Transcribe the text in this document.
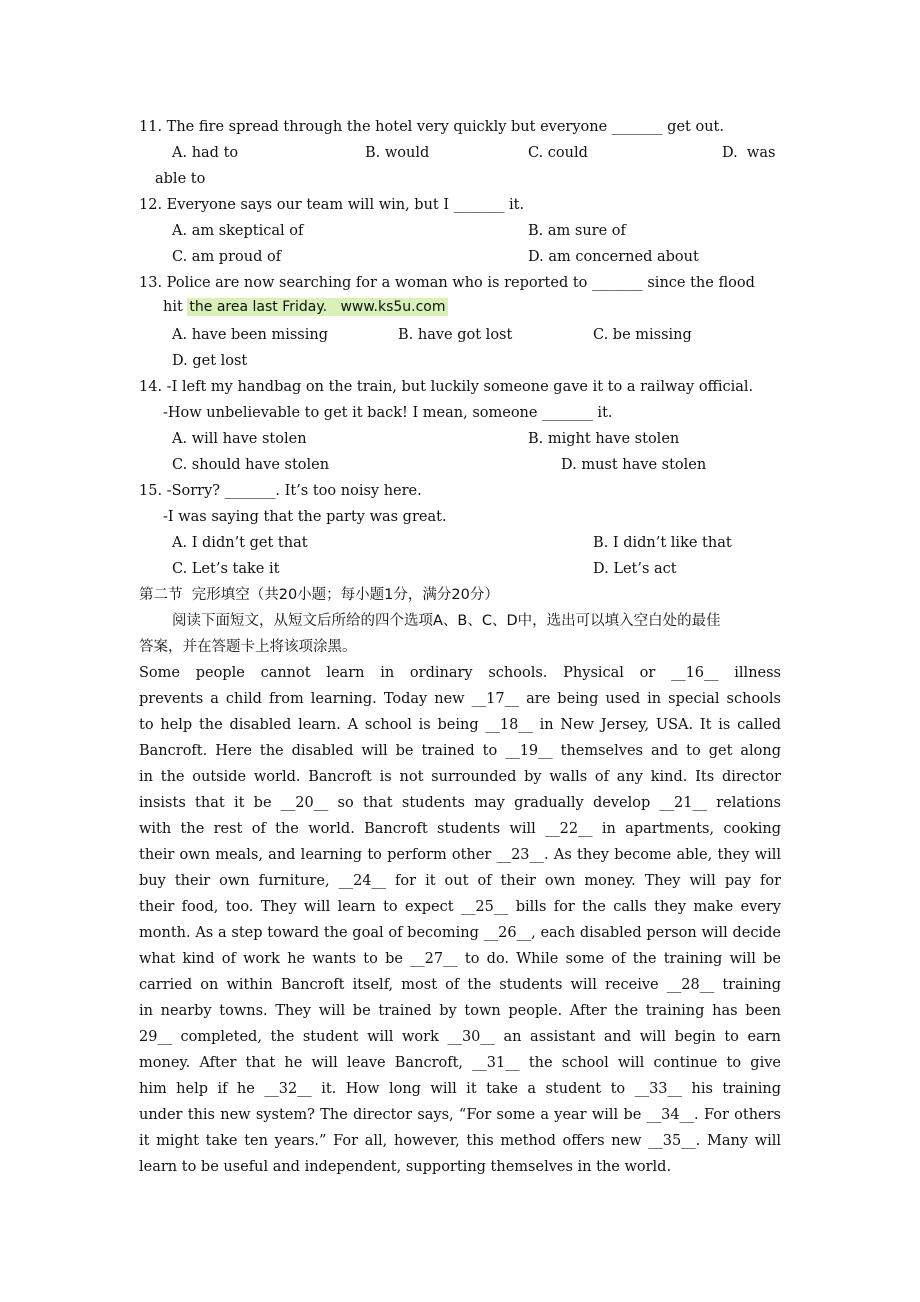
11. The fire spread through the hotel very quickly but everyone _______ get out.
A. had to	B. would	C. could	D.  was
able to
12. Everyone says our team will win, but I _______ it.
A. am skeptical of	B. am sure of
C. am proud of	D. am concerned about
13. Police are now searching for a woman who is reported to _______ since the flood
hit the area last Friday.   www.ks5u.com
A. have been missing	B. have got lost	C. be missing
D. get lost
14. -I left my handbag on the train, but luckily someone gave it to a railway official.
-How unbelievable to get it back! I mean, someone _______ it.
A. will have stolen	B. might have stolen
C. should have stolen	D. must have stolen
15. -Sorry? _______. It’s too noisy here.
-I was saying that the party was great.
A. I didn’t get that	B. I didn’t like that
C. Let’s take it	D. Let’s act
第二节  完形填空（共20小题；每小题1分，满分20分）
阅读下面短文，从短文后所给的四个选项A、B、C、D中，选出可以填入空白处的最佳
答案，并在答题卡上将该项涂黑。
Some people cannot learn in ordinary schools. Physical or __16__ illness
prevents a child from learning. Today new __17__ are being used in special schools
to help the disabled learn. A school is being __18__ in New Jersey, USA. It is called
Bancroft. Here the disabled will be trained to __19__ themselves and to get along
in the outside world. Bancroft is not surrounded by walls of any kind. Its director
insists that it be __20__ so that students may gradually develop __21__ relations
with the rest of the world. Bancroft students will __22__ in apartments, cooking
their own meals, and learning to perform other __23__. As they become able, they will
buy their own furniture, __24__ for it out of their own money. They will pay for
their food, too. They will learn to expect __25__ bills for the calls they make every
month. As a step toward the goal of becoming __26__, each disabled person will decide
what kind of work he wants to be __27__ to do. While some of the training will be
carried on within Bancroft itself, most of the students will receive __28__ training
in nearby towns. They will be trained by town people. After the training has been
29__ completed, the student will work __30__ an assistant and will begin to earn
money. After that he will leave Bancroft, __31__ the school will continue to give
him help if he __32__ it. How long will it take a student to __33__ his training
under this new system? The director says, “For some a year will be __34__. For others
it might take ten years.” For all, however, this method offers new __35__. Many will
learn to be useful and independent, supporting themselves in the world.
